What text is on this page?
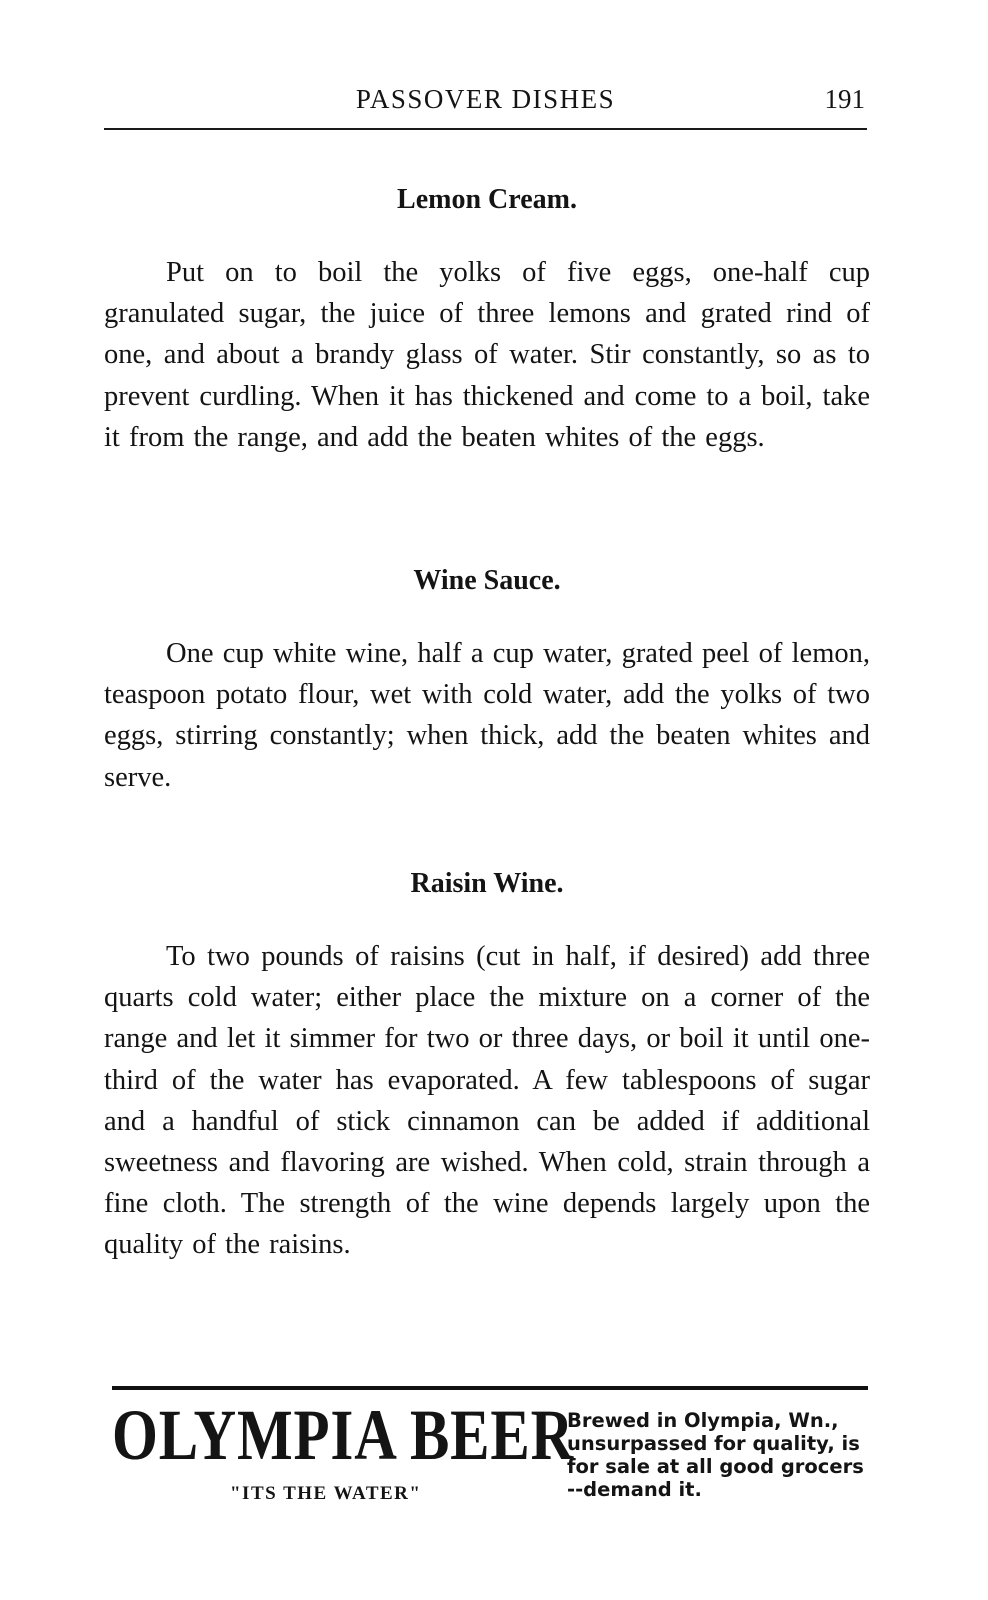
PASSOVER DISHES	191
Lemon Cream.

Put on to boil the yolks of five eggs, one-half cup granulated sugar, the juice of three lemons and grated rind of one, and about a brandy glass of water. Stir constantly, so as to prevent curdling. When it has thickened and come to a boil, take it from the range, and add the beaten whites of the eggs.

Wine Sauce.

One cup white wine, half a cup water, grated peel of lemon, teaspoon potato flour, wet with cold water, add the yolks of two eggs, stirring constantly; when thick, add the beaten whites and serve.

Raisin Wine.

To two pounds of raisins (cut in half, if desired) add three quarts cold water; either place the mixture on a corner of the range and let it simmer for two or three days, or boil it until one-third of the water has evaporated. A few tablespoons of sugar and a handful of stick cinnamon can be added if additional sweetness and flavoring are wished. When cold, strain through a fine cloth. The strength of the wine depends largely upon the quality of the raisins.

OLYMPIA BEER
"ITS THE WATER"
Brewed in Olympia, Wn.,
unsurpassed for quality, is
for sale at all good grocers
--demand it.
